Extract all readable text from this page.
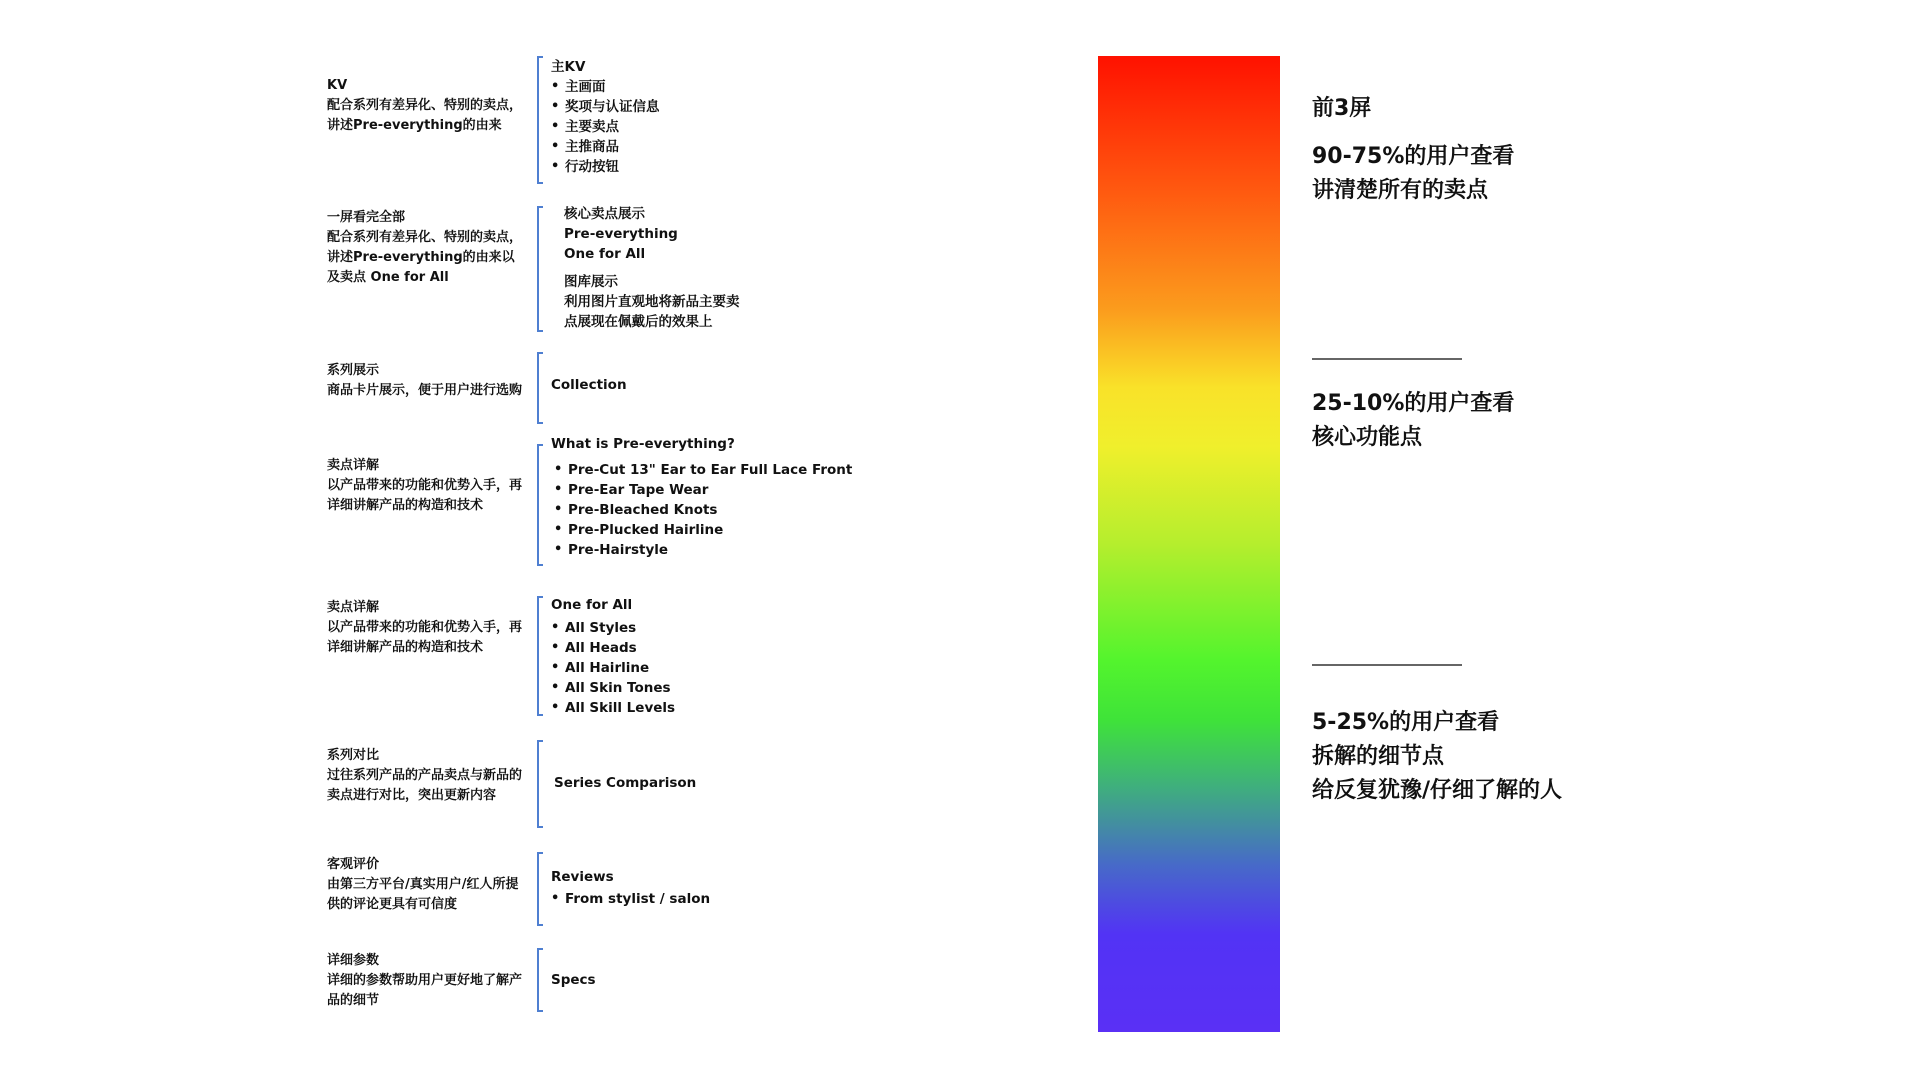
KV
配合系列有差异化、特别的卖点，讲述Pre-everything的由来
主KV
• 主画面
• 奖项与认证信息
• 主要卖点
• 主推商品
• 行动按钮
一屏看完全部
配合系列有差异化、特别的卖点，讲述Pre-everything的由来以及卖点 One for All
核心卖点展示
Pre-everything
One for All
图库展示
利用图片直观地将新品主要卖
点展现在佩戴后的效果上
系列展示
商品卡片展示，便于用户进行选购	Collection
卖点详解
以产品带来的功能和优势入手，再详细讲解产品的构造和技术
What is Pre-everything?
• Pre-Cut 13" Ear to Ear Full Lace Front
• Pre-Ear Tape Wear
• Pre-Bleached Knots
• Pre-Plucked Hairline
• Pre-Hairstyle
卖点详解
以产品带来的功能和优势入手，再详细讲解产品的构造和技术
One for All
• All Styles
• All Heads
• All Hairline
• All Skin Tones
• All Skill Levels
系列对比
过往系列产品的产品卖点与新品的卖点进行对比，突出更新内容
Series Comparison
客观评价
由第三方平台/真实用户/红人所提供的评论更具有可信度
Reviews
• From stylist / salon
详细参数
详细的参数帮助用户更好地了解产品的细节
Specs
前3屏
90-75%的用户查看
讲清楚所有的卖点
25-10%的用户查看
核心功能点
5-25%的用户查看
拆解的细节点
给反复犹豫/仔细了解的人
